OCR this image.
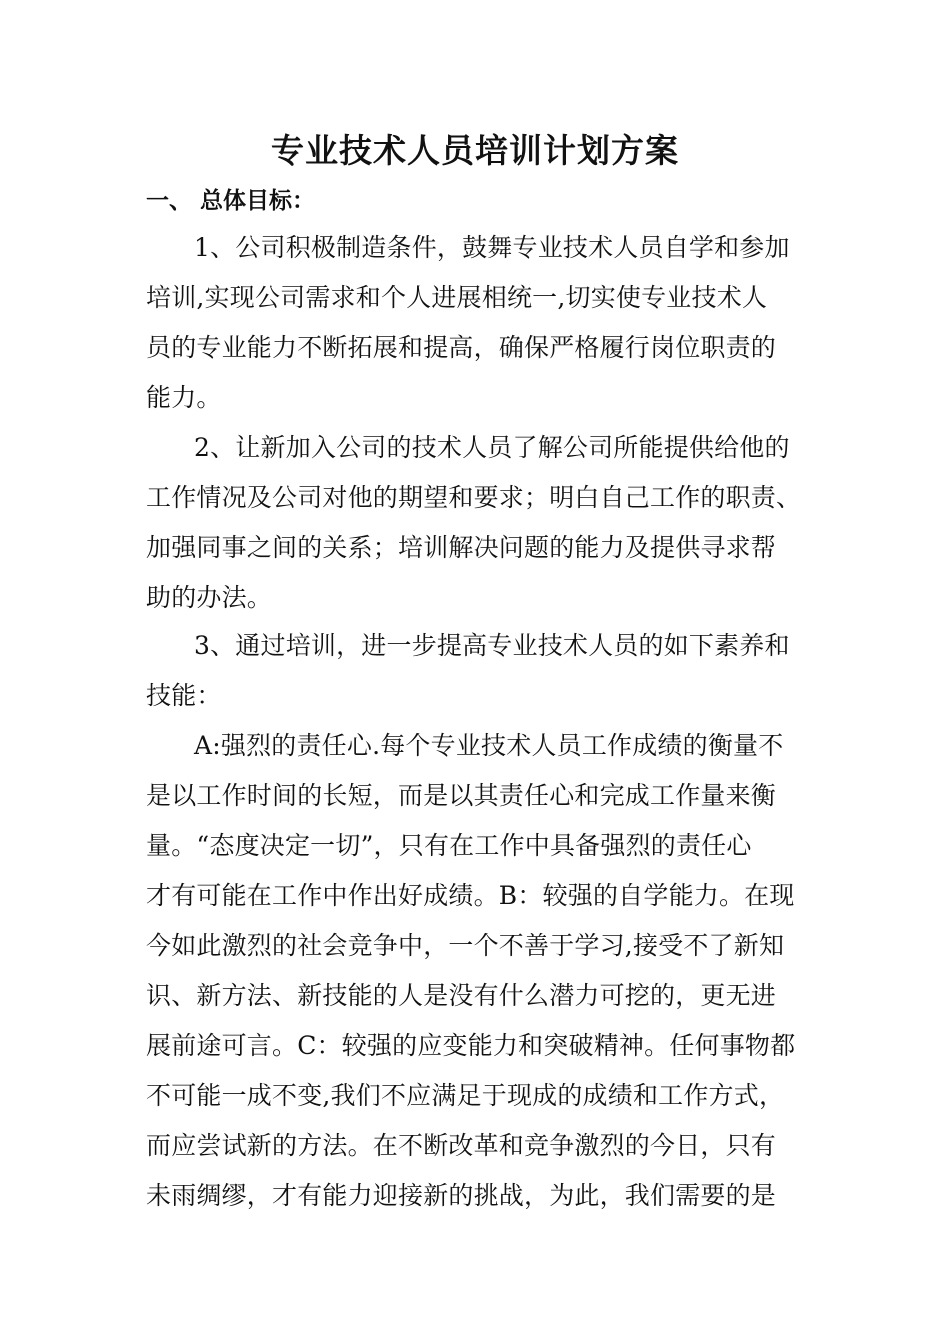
专业技术人员培训计划方案
一、 总体目标：
1、公司积极制造条件，鼓舞专业技术人员自学和参加
培训,实现公司需求和个人进展相统一,切实使专业技术人
员的专业能力不断拓展和提高，确保严格履行岗位职责的
能力。
2、让新加入公司的技术人员了解公司所能提供给他的
工作情况及公司对他的期望和要求；明白自己工作的职责、
加强同事之间的关系；培训解决问题的能力及提供寻求帮
助的办法。
3、通过培训，进一步提高专业技术人员的如下素养和
技能：
A:强烈的责任心.每个专业技术人员工作成绩的衡量不
是以工作时间的长短，而是以其责任心和完成工作量来衡
量。“态度决定一切”，只有在工作中具备强烈的责任心
才有可能在工作中作出好成绩。B：较强的自学能力。在现
今如此激烈的社会竞争中，一个不善于学习,接受不了新知
识、新方法、新技能的人是没有什么潜力可挖的，更无进
展前途可言。C：较强的应变能力和突破精神。任何事物都
不可能一成不变,我们不应满足于现成的成绩和工作方式，
而应尝试新的方法。在不断改革和竞争激烈的今日，只有
未雨绸缪，才有能力迎接新的挑战，为此，我们需要的是
